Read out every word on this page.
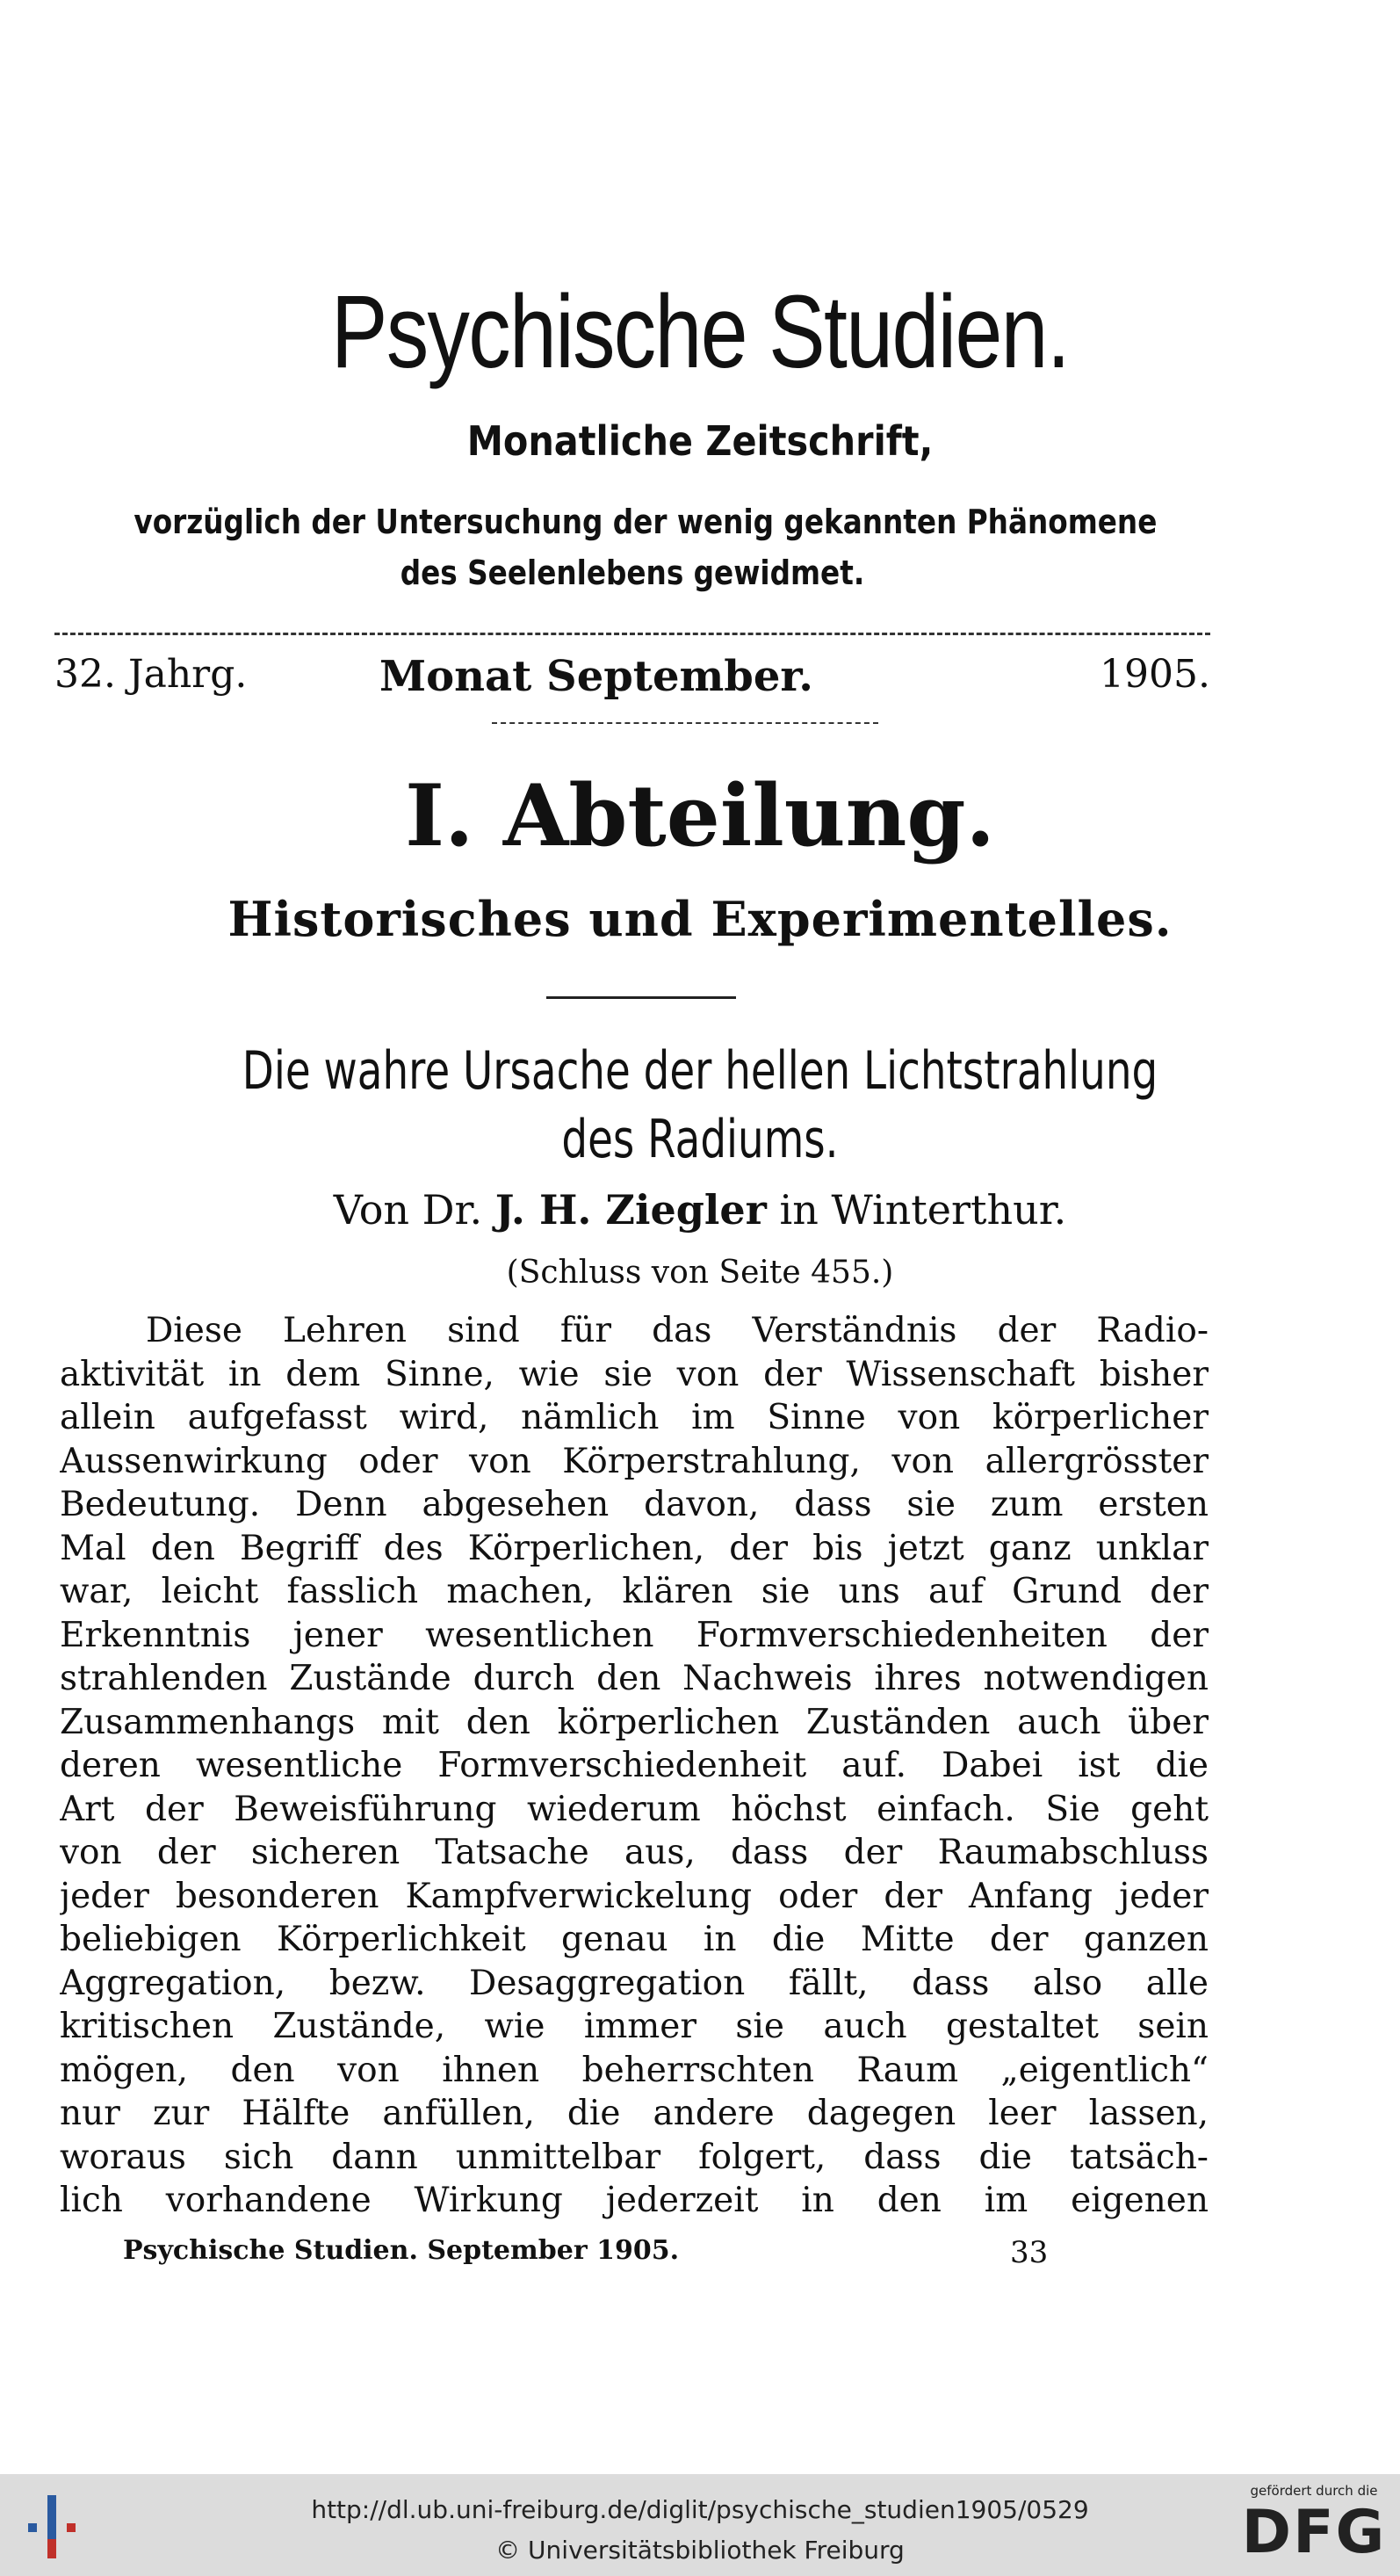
Psychische Studien.
Monatliche Zeitschrift,
vorzüglich der Untersuchung der wenig gekannten Phänomene
des Seelenlebens gewidmet.
32. Jahrg.	Monat September.	1905.
I. Abteilung.
Historisches und Experimentelles.
Die wahre Ursache der hellen Lichtstrahlung
des Radiums.
Von Dr. J. H. Ziegler in Winterthur.
(Schluss von Seite 455.)
Diese Lehren sind für das Verständnis der Radio-
aktivität in dem Sinne, wie sie von der Wissenschaft bisher
allein aufgefasst wird, nämlich im Sinne von körperlicher
Aussenwirkung oder von Körperstrahlung, von allergrösster
Bedeutung. Denn abgesehen davon, dass sie zum ersten
Mal den Begriff des Körperlichen, der bis jetzt ganz unklar
war, leicht fasslich machen, klären sie uns auf Grund der
Erkenntnis jener wesentlichen Formverschiedenheiten der
strahlenden Zustände durch den Nachweis ihres notwendigen
Zusammenhangs mit den körperlichen Zuständen auch über
deren wesentliche Formverschiedenheit auf. Dabei ist die
Art der Beweisführung wiederum höchst einfach. Sie geht
von der sicheren Tatsache aus, dass der Raumabschluss
jeder besonderen Kampfverwickelung oder der Anfang jeder
beliebigen Körperlichkeit genau in die Mitte der ganzen
Aggregation, bezw. Desaggregation fällt, dass also alle
kritischen Zustände, wie immer sie auch gestaltet sein
mögen, den von ihnen beherrschten Raum „eigentlich“
nur zur Hälfte anfüllen, die andere dagegen leer lassen,
woraus sich dann unmittelbar folgert, dass die tatsäch-
lich vorhandene Wirkung jederzeit in den im eigenen
Psychische Studien. September 1905.	33
http://dl.ub.uni-freiburg.de/diglit/psychische_studien1905/0529
© Universitätsbibliothek Freiburg
gefördert durch die
DFG
